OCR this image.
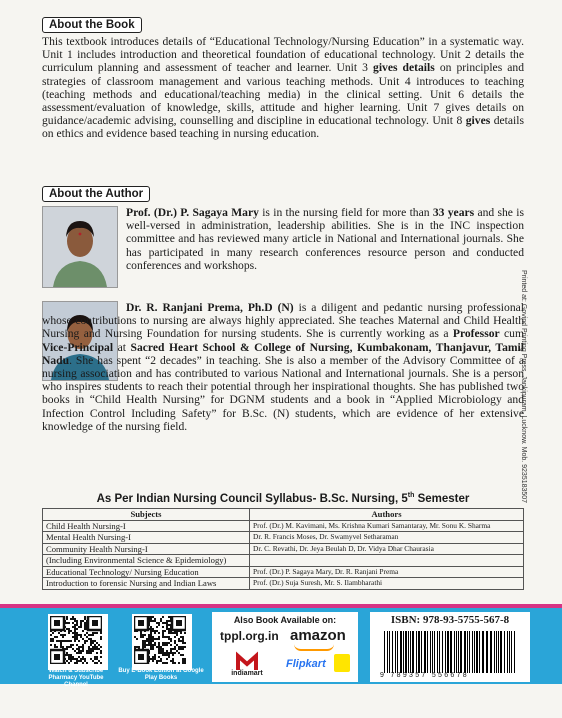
About the Book

This textbook introduces details of “Educational Technology/Nursing Education” in a systematic way. Unit 1 includes introduction and theoretical foundation of educational technology. Unit 2 details the curriculum planning and assessment of teacher and learner. Unit 3 gives details on principles and strategies of classroom management and various teaching methods. Unit 4 introduces to teaching (teaching methods and educational/teaching media) in the clinical setting. Unit 6 details the assessment/evaluation of knowledge, skills, attitude and higher learning. Unit 7 gives details on guidance/academic advising, counselling and discipline in educational technology. Unit 8 gives details on ethics and evidence based teaching in nursing education.

About the Author

Prof. (Dr.) P. Sagaya Mary is in the nursing field for more than 33 years and she is well-versed in administration, leadership abilities. She is in the INC inspection committee and has reviewed many article in National and International journals. She has participated in many research conferences resource person and conducted conferences and workshops.

Dr. R. Ranjani Prema, Ph.D (N) is a diligent and pedantic nursing professional whose contributions to nursing are always highly appreciated. She teaches Maternal and Child Health Nursing and Nursing Foundation for nursing students. She is currently working as a Professor cum Vice-Principal at Sacred Heart School & College of Nursing, Kumbakonam, Thanjavur, Tamil Nadu. She has spent “2 decades” in teaching. She is also a member of the Advisory Committee of a nursing association and has contributed to various National and International journals. She is a person who inspires students to reach their potential through her inspirational thoughts. She has published two books in “Child Health Nursing” for DGNM students and a book in “Applied Microbiology and Infection Control Including Safety” for B.Sc. (N) students, which are evidence of her extensive knowledge of the nursing field.	Printed at: Govind Printing Press, Jankipuram, Lucknow. Mob. 9235183507
As Per Indian Nursing Council Syllabus- B.Sc. Nursing, 5th Semester
Subjects	Authors
Child Health Nursing-I	Prof. (Dr.) M. Kavimani, Ms. Krishna Kumari Samantaray, Mr. Sonu K. Sharma
Mental Health Nursing-I	Dr. R. Francis Moses, Dr. Swamyvel Setharaman
Community Health Nursing-I	Dr. C. Revathi, Dr. Jeya Beulah D, Dr. Vidya Dhar Chaurasia
(Including Environmental Science & Epidemiology)	
Educational Technology/ Nursing Education	Prof. (Dr.) P. Sagaya Mary, Dr. R. Ranjani Prema
Introduction to forensic Nursing and Indian Laws	Prof. (Dr.) Suja Suresh, Mr. S. Ilambharathi
Watch & Subscribe Pharmacy YouTube Channel
Buy E-Book Edition at Google Play Books
Also Book Available on:
tppl.org.in amazon
indiamart
Flipkart
ISBN: 978-93-5755-567-8
9 789357 556678
